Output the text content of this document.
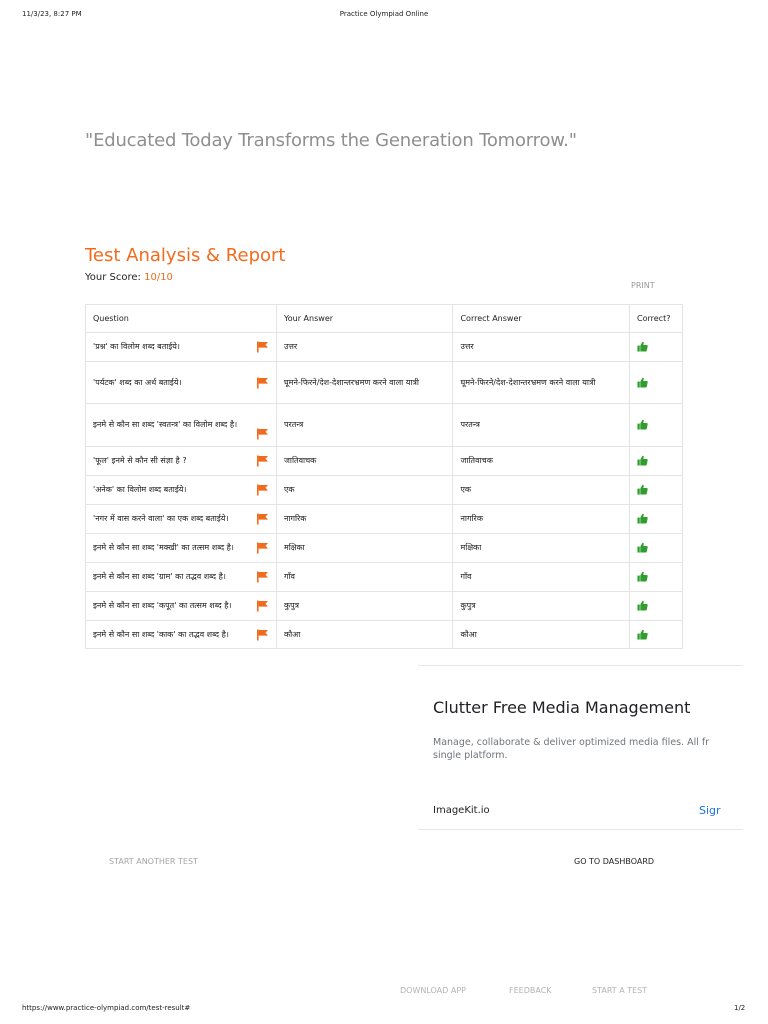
11/3/23, 8:27 PM	Practice Olympiad Online
"Educated Today Transforms the Generation Tomorrow."
Test Analysis & Report
Your Score: 10/10
PRINT
Question	Your Answer	Correct Answer	Correct?
'प्रश्न' का विलोम शब्द बताईये।	उत्तर	उत्तर	
'पर्यटक' शब्द का अर्थ बताईये।	घूमने-फिरने/देश-देशान्तरभ्रमण करने वाला यात्री	घूमने-फिरने/देश-देशान्तरभ्रमण करने वाला यात्री	
इनमे से कौन सा शब्द 'स्वतन्त्र' का विलोम शब्द है।	परतन्त्र	परतन्त्र	
'फूल' इनमे से कौन सी संज्ञा है ?	जातिवाचक	जातिवाचक	
'अनेक' का विलोम शब्द बताईये।	एक	एक	
'नगर में वास करने वाला' का एक शब्द बताईये।	नागरिक	नागरिक	
इनमे से कौन सा शब्द 'मक्खी' का तत्सम शब्द है।	मक्षिका	मक्षिका	
इनमे से कौन सा शब्द 'ग्राम' का तद्भव शब्द है।	गाँव	गाँव	
इनमे से कौन सा शब्द 'कपूत' का तत्सम शब्द है।	कुपुत्र	कुपुत्र	
इनमे से कौन सा शब्द 'काक' का तद्भव शब्द है।	कौआ	कौआ	
Clutter Free Media Management
Manage, collaborate & deliver optimized media files. All fr
single platform.
ImageKit.io	Sigr
START ANOTHER TEST	GO TO DASHBOARD
DOWNLOAD APP	FEEDBACK	START A TEST
https://www.practice-olympiad.com/test-result#	1/2
